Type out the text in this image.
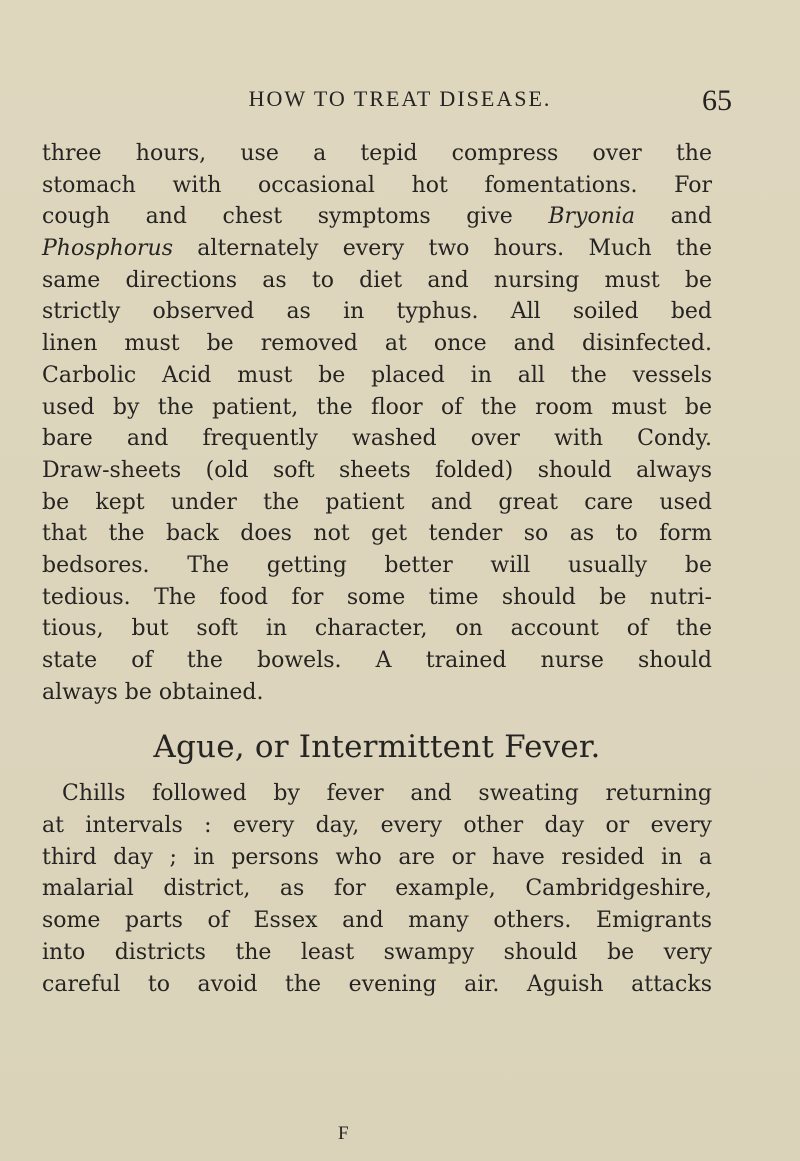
HOW TO TREAT DISEASE.	65
three hours, use a tepid compress over the
stomach with occasional hot fomentations. For
cough and chest symptoms give Bryonia and
Phosphorus alternately every two hours. Much the
same directions as to diet and nursing must be
strictly observed as in typhus. All soiled bed
linen must be removed at once and disinfected.
Carbolic Acid must be placed in all the vessels
used by the patient, the floor of the room must be
bare and frequently washed over with Condy.
Draw-sheets (old soft sheets folded) should always
be kept under the patient and great care used
that the back does not get tender so as to form
bedsores. The getting better will usually be
tedious. The food for some time should be nutri-
tious, but soft in character, on account of the
state of the bowels. A trained nurse should
always be obtained.
Ague, or Intermittent Fever.
Chills followed by fever and sweating returning
at intervals : every day, every other day or every
third day ; in persons who are or have resided in a
malarial district, as for example, Cambridgeshire,
some parts of Essex and many others. Emigrants
into districts the least swampy should be very
careful to avoid the evening air. Aguish attacks
F
